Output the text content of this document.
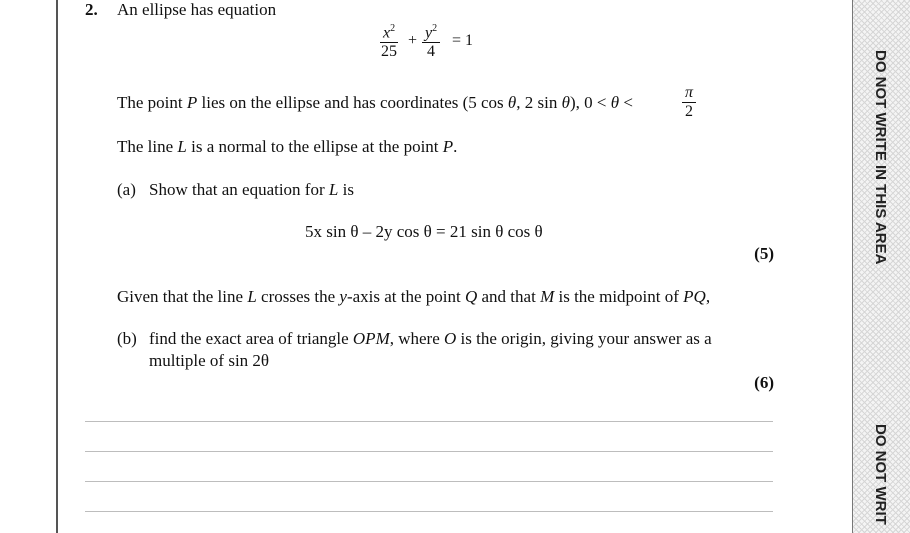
DO NOT WRITE IN THIS AREA
DO NOT WRIT
2. An ellipse has equation
$\frac{x^2}{25} + \frac{y^2}{4} = 1$
The point P lies on the ellipse and has coordinates (5 cos θ, 2 sin θ), 0 < θ <	$\frac{\pi}{2}$
The line L is a normal to the ellipse at the point P.
(a) Show that an equation for L is
5x sin θ – 2y cos θ = 21 sin θ cos θ
(5)
Given that the line L crosses the y-axis at the point Q and that M is the midpoint of PQ,
(b) find the exact area of triangle OPM, where O is the origin, giving your answer as a
multiple of sin 2θ
(6)
